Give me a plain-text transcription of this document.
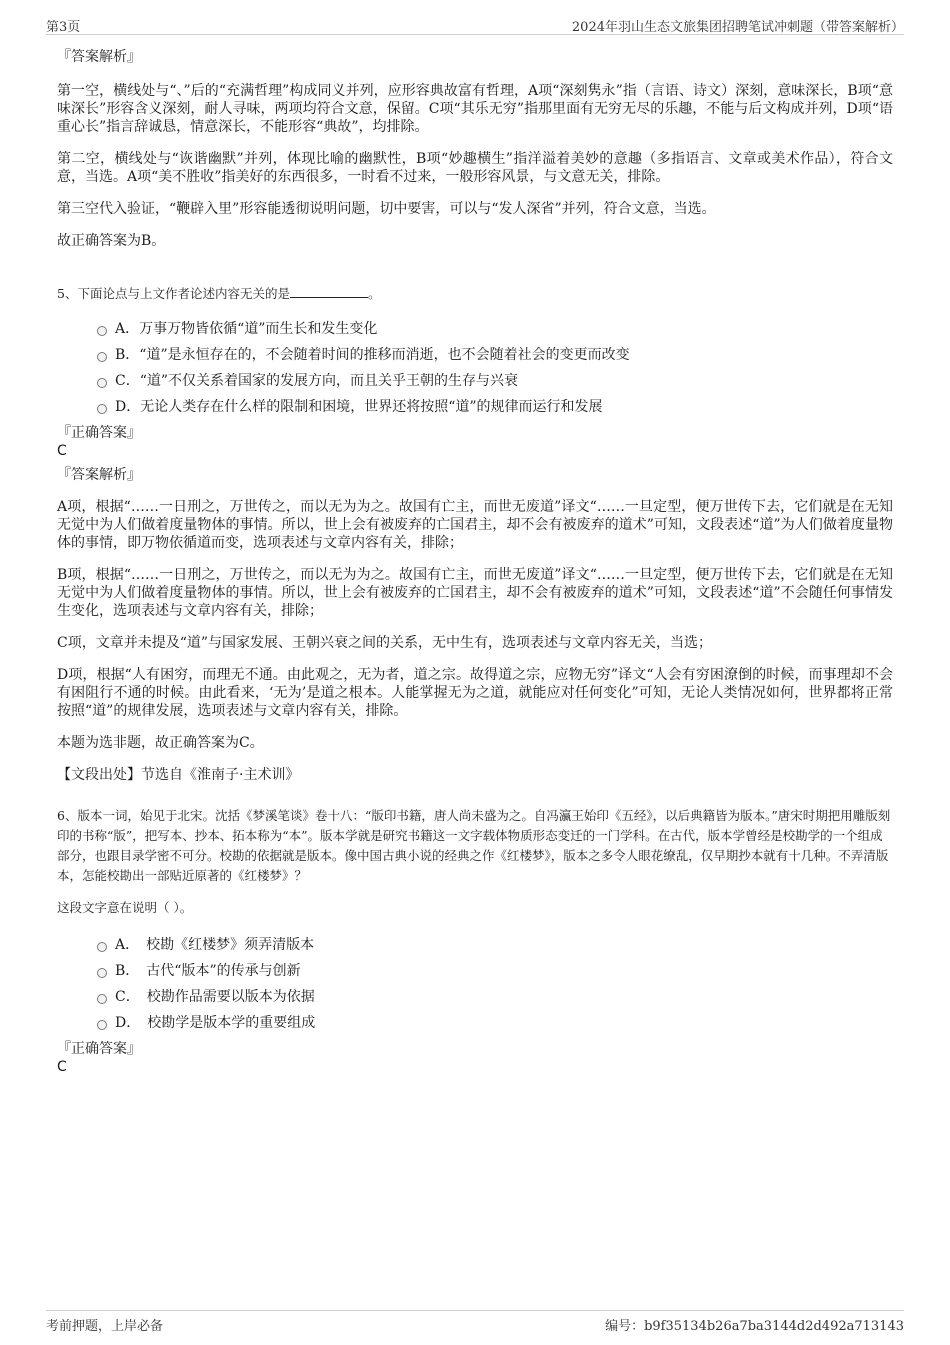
第3页	2024年羽山生态文旅集团招聘笔试冲刺题（带答案解析）

『答案解析』

第一空，横线处与“、”后的“充满哲理”构成同义并列，应形容典故富有哲理，A项“深刻隽永”指（言语、诗文）深刻，意味深长，B项“意味深长”形容含义深刻，耐人寻味，两项均符合文意，保留。C项“其乐无穷”指那里面有无穷无尽的乐趣，不能与后文构成并列，D项“语重心长”指言辞诚恳，情意深长，不能形容“典故”，均排除。

第二空，横线处与“诙谐幽默”并列，体现比喻的幽默性，B项“妙趣横生”指洋溢着美妙的意趣（多指语言、文章或美术作品），符合文意，当选。A项“美不胜收”指美好的东西很多，一时看不过来，一般形容风景，与文意无关，排除。

第三空代入验证，“鞭辟入里”形容能透彻说明问题，切中要害，可以与“发人深省”并列，符合文意，当选。

故正确答案为B。

5、下面论点与上文作者论述内容无关的是	。

A．万事万物皆依循“道”而生长和发生变化
B．“道”是永恒存在的，不会随着时间的推移而消逝，也不会随着社会的变更而改变
C．“道”不仅关系着国家的发展方向，而且关乎王朝的生存与兴衰
D．无论人类存在什么样的限制和困境，世界还将按照“道”的规律而运行和发展

『正确答案』

C

『答案解析』

A项，根据“……一日刑之，万世传之，而以无为为之。故国有亡主，而世无废道”译文“……一旦定型，便万世传下去，它们就是在无知无觉中为人们做着度量物体的事情。所以，世上会有被废弃的亡国君主，却不会有被废弃的道术”可知，文段表述“道”为人们做着度量物体的事情，即万物依循道而变，选项表述与文章内容有关，排除；

B项，根据“……一日刑之，万世传之，而以无为为之。故国有亡主，而世无废道”译文“……一旦定型，便万世传下去，它们就是在无知无觉中为人们做着度量物体的事情。所以，世上会有被废弃的亡国君主，却不会有被废弃的道术”可知，文段表述“道”不会随任何事情发生变化，选项表述与文章内容有关，排除；

C项，文章并未提及“道”与国家发展、王朝兴衰之间的关系，无中生有，选项表述与文章内容无关，当选；

D项，根据“人有困穷，而理无不通。由此观之，无为者，道之宗。故得道之宗，应物无穷”译文“人会有穷困潦倒的时候，而事理却不会有困阻行不通的时候。由此看来，‘无为’是道之根本。人能掌握无为之道，就能应对任何变化”可知，无论人类情况如何，世界都将正常按照“道”的规律发展，选项表述与文章内容有关，排除。

本题为选非题，故正确答案为C。

【文段出处】节选自《淮南子·主术训》

6、版本一词，始见于北宋。沈括《梦溪笔谈》卷十八：“版印书籍，唐人尚未盛为之。自冯瀛王始印《五经》，以后典籍皆为版本。”唐宋时期把用雕版刻印的书称“版”，把写本、抄本、拓本称为“本”。版本学就是研究书籍这一文字载体物质形态变迁的一门学科。在古代，版本学曾经是校勘学的一个组成部分，也跟目录学密不可分。校勘的依据就是版本。像中国古典小说的经典之作《红楼梦》，版本之多令人眼花缭乱，仅早期抄本就有十几种。不弄清版本，怎能校勘出一部贴近原著的《红楼梦》？

这段文字意在说明（ ）。

A．　校勘《红楼梦》须弄清版本
B．　古代“版本”的传承与创新
C．　校勘作品需要以版本为依据
D．　校勘学是版本学的重要组成

『正确答案』

C

考前押题，上岸必备	编号：b9f35134b26a7ba3144d2d492a713143
